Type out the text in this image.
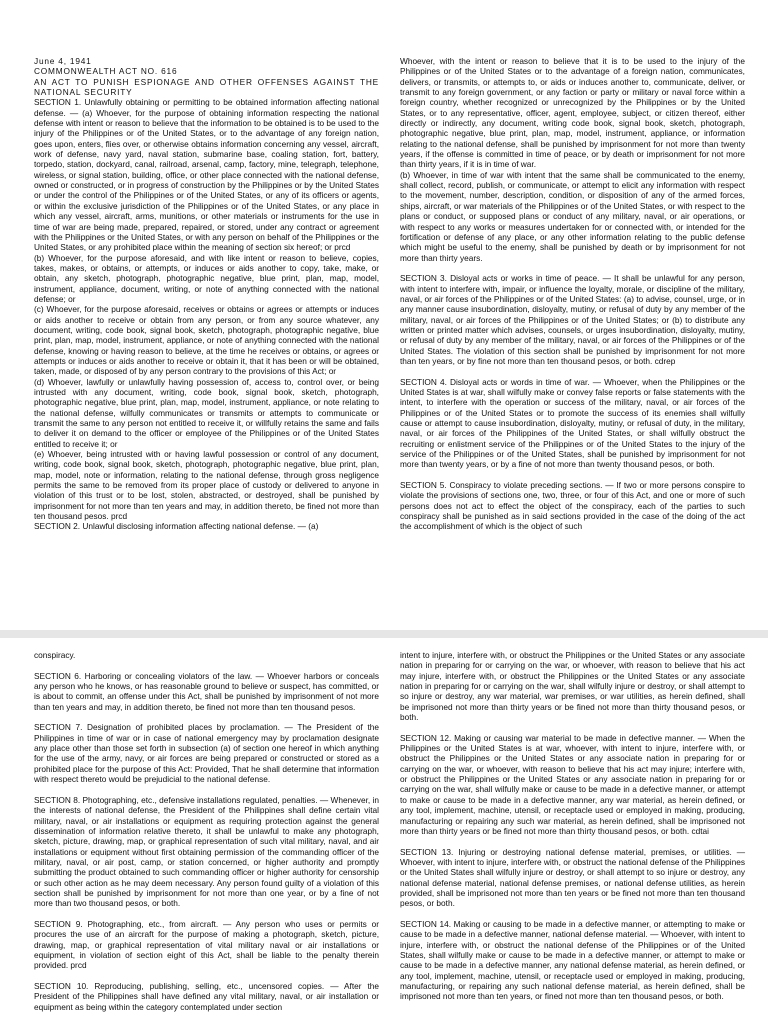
June 4, 1941

COMMONWEALTH ACT NO. 616

AN ACT TO PUNISH ESPIONAGE AND OTHER OFFENSES AGAINST THE NATIONAL SECURITY

SECTION 1. Unlawfully obtaining or permitting to be obtained information affecting national defense. — (a) Whoever, for the purpose of obtaining information respecting the national defense with intent or reason to believe that the information to be obtained is to be used to the injury of the Philippines or of the United States, or to the advantage of any foreign nation, goes upon, enters, flies over, or otherwise obtains information concerning any vessel, aircraft, work of defense, navy yard, naval station, submarine base, coaling station, fort, battery, torpedo, station, dockyard, canal, railroad, arsenal, camp, factory, mine, telegraph, telephone, wireless, or signal station, building, office, or other place connected with the national defense, owned or constructed, or in progress of construction by the Philippines or by the United States or under the control of the Philippines or of the United States, or any of its officers or agents, or within the exclusive jurisdiction of the Philippines or of the United States, or any place in which any vessel, aircraft, arms, munitions, or other materials or instruments for the use in time of war are being made, prepared, repaired, or stored, under any contract or agreement with the Philippines or the United States, or with any person on behalf of the Philippines or the United States, or any prohibited place within the meaning of section six hereof; or prcd

(b) Whoever, for the purpose aforesaid, and with like intent or reason to believe, copies, takes, makes, or obtains, or attempts, or induces or aids another to copy, take, make, or obtain, any sketch, photograph, photographic negative, blue print, plan, map, model, instrument, appliance, document, writing, or note of anything connected with the national defense; or

(c) Whoever, for the purpose aforesaid, receives or obtains or agrees or attempts or induces or aids another to receive or obtain from any person, or from any source whatever, any document, writing, code book, signal book, sketch, photograph, photographic negative, blue print, plan, map, model, instrument, appliance, or note of anything connected with the national defense, knowing or having reason to believe, at the time he receives or obtains, or agrees or attempts or induces or aids another to receive or obtain it, that it has been or will be obtained, taken, made, or disposed of by any person contrary to the provisions of this Act; or

(d) Whoever, lawfully or unlawfully having possession of, access to, control over, or being intrusted with any document, writing, code book, signal book, sketch, photograph, photographic negative, blue print, plan, map, model, instrument, appliance, or note relating to the national defense, wilfully communicates or transmits or attempts to communicate or transmit the same to any person not entitled to receive it, or willfully retains the same and fails to deliver it on demand to the officer or employee of the Philippines or of the United States entitled to receive it; or

(e) Whoever, being intrusted with or having lawful possession or control of any document, writing, code book, signal book, sketch, photograph, photographic negative, blue print, plan, map, model, note or information, relating to the national defense, through gross negligence permits the same to be removed from its proper place of custody or delivered to anyone in violation of this trust or to be lost, stolen, abstracted, or destroyed, shall be punished by imprisonment for not more than ten years and may, in addition thereto, be fined not more than ten thousand pesos. prcd

SECTION 2. Unlawful disclosing information affecting national defense. — (a)

Whoever, with the intent or reason to believe that it is to be used to the injury of the Philippines or of the United States or to the advantage of a foreign nation, communicates, delivers, or transmits, or attempts to, or aids or induces another to, communicate, deliver, or transmit to any foreign government, or any faction or party or military or naval force within a foreign country, whether recognized or unrecognized by the Philippines or by the United States, or to any representative, officer, agent, employee, subject, or citizen thereof, either directly or indirectly, any document, writing code book, signal book, sketch, photograph, photographic negative, blue print, plan, map, model, instrument, appliance, or information relating to the national defense, shall be punished by imprisonment for not more than twenty years, if the offense is committed in time of peace, or by death or imprisonment for not more than thirty years, if it is in time of war.

(b) Whoever, in time of war with intent that the same shall be communicated to the enemy, shall collect, record, publish, or communicate, or attempt to elicit any information with respect to the movement, number, description, condition, or disposition of any of the armed forces, ships, aircraft, or war materials of the Philippines or of the United States, or with respect to the plans or conduct, or supposed plans or conduct of any military, naval, or air operations, or with respect to any works or measures undertaken for or connected with, or intended for the fortification or defense of any place, or any other information relating to the public defense which might be useful to the enemy, shall be punished by death or by imprisonment for not more than thirty years.

SECTION 3. Disloyal acts or works in time of peace. — It shall be unlawful for any person, with intent to interfere with, impair, or influence the loyalty, morale, or discipline of the military, naval, or air forces of the Philippines or of the United States: (a) to advise, counsel, urge, or in any manner cause insubordination, disloyalty, mutiny, or refusal of duty by any member of the military, naval, or air forces of the Philippines or of the United States; or (b) to distribute any written or printed matter which advises, counsels, or urges insubordination, disloyalty, mutiny, or refusal of duty by any member of the military, naval, or air forces of the Philippines or of the United States. The violation of this section shall be punished by imprisonment for not more than ten years, or by fine not more than ten thousand pesos, or both. cdrep

SECTION 4. Disloyal acts or words in time of war. — Whoever, when the Philippines or the United States is at war, shall wilfully make or convey false reports or false statements with the intent, to interfere with the operation or success of the military, naval, or air forces of the Philippines or of the United States or to promote the success of its enemies shall wilfully cause or attempt to cause insubordination, disloyalty, mutiny, or refusal of duty, in the military, naval, or air forces of the Philippines of the United States, or shall wilfully obstruct the recruiting or enlistment service of the Philippines or of the United States to the injury of the service of the Philippines or of the United States, shall be punished by imprisonment for not more than twenty years, or by a fine of not more than twenty thousand pesos, or both.

SECTION 5. Conspiracy to violate preceding sections. — If two or more persons conspire to violate the provisions of sections one, two, three, or four of this Act, and one or more of such persons does not act to effect the object of the conspiracy, each of the parties to such conspiracy shall be punished as in said sections provided in the case of the doing of the act the accomplishment of which is the object of such

conspiracy.

SECTION 6. Harboring or concealing violators of the law. — Whoever harbors or conceals any person who he knows, or has reasonable ground to believe or suspect, has committed, or is about to commit, an offense under this Act, shall be punished by imprisonment of not more than ten years and may, in addition thereto, be fined not more than ten thousand pesos.

SECTION 7. Designation of prohibited places by proclamation. — The President of the Philippines in time of war or in case of national emergency may by proclamation designate any place other than those set forth in subsection (a) of section one hereof in which anything for the use of the army, navy, or air forces are being prepared or constructed or stored as a prohibited place for the purpose of this Act: Provided, That he shall determine that information with respect thereto would be prejudicial to the national defense.

SECTION 8. Photographing, etc., defensive installations regulated, penalties. — Whenever, in the interests of national defense, the President of the Philippines shall define certain vital military, naval, or air installations or equipment as requiring protection against the general dissemination of information relative thereto, it shall be unlawful to make any photograph, sketch, picture, drawing, map, or graphical representation of such vital military, naval, and air installations or equipment without first obtaining permission of the commanding officer of the military, naval, or air post, camp, or station concerned, or higher authority and promptly submitting the product obtained to such commanding officer or higher authority for censorship or such other action as he may deem necessary. Any person found guilty of a violation of this section shall be punished by imprisonment for not more than one year, or by a fine of not more than two thousand pesos, or both.

SECTION 9. Photographing, etc., from aircraft. — Any person who uses or permits or procures the use of an aircraft for the purpose of making a photograph, sketch, picture, drawing, map, or graphical representation of vital military naval or air installations or equipment, in violation of section eight of this Act, shall be liable to the penalty therein provided. prcd

SECTION 10. Reproducing, publishing, selling, etc., uncensored copies. — After the President of the Philippines shall have defined any vital military, naval, or air installation or equipment as being within the category contemplated under section

intent to injure, interfere with, or obstruct the Philippines or the United States or any associate nation in preparing for or carrying on the war, or whoever, with reason to believe that his act may injure, interfere with, or obstruct the Philippines or the United States or any associate nation in preparing for or carrying on the war, shall wilfully injure or destroy, or shall attempt to so injure or destroy, any war material, war premises, or war utilities, as herein defined, shall be imprisoned not more than thirty years or be fined not more than thirty thousand pesos, or both.

SECTION 12. Making or causing war material to be made in defective manner. — When the Philippines or the United States is at war, whoever, with intent to injure, interfere with, or obstruct the Philippines or the United States or any associate nation in preparing for or carrying on the war, or whoever, with reason to believe that his act may injure; interfere with, or obstruct the Philippines or the United States or any associate nation in preparing for or carrying on the war, shall wilfully make or cause to be made in a defective manner, or attempt to make or cause to be made in a defective manner, any war material, as herein defined, or any tool, implement, machine, utensil, or receptacle used or employed in making, producing, manufacturing or repairing any such war material, as herein defined, shall be imprisoned not more than thirty years or be fined not more than thirty thousand pesos, or both. cdtai

SECTION 13. Injuring or destroying national defense material, premises, or utilities. — Whoever, with intent to injure, interfere with, or obstruct the national defense of the Philippines or the United States shall wilfully injure or destroy, or shall attempt to so injure or destroy, any national defense material, national defense premises, or national defense utilities, as herein provided, shall be imprisoned not more than ten years or be fined not more than ten thousand pesos, or both.

SECTION 14. Making or causing to be made in a defective manner, or attempting to make or cause to be made in a defective manner, national defense material. — Whoever, with intent to injure, interfere with, or obstruct the national defense of the Philippines or of the United States, shall wilfully make or cause to be made in a defective manner, or attempt to make or cause to be made in a defective manner, any national defense material, as herein defined, or any tool, implement, machine, utensil, or receptacle used or employed in making, producing, manufacturing, or repairing any such national defense material, as herein defined, shall be imprisoned not more than ten years, or fined not more than ten thousand pesos, or both.
